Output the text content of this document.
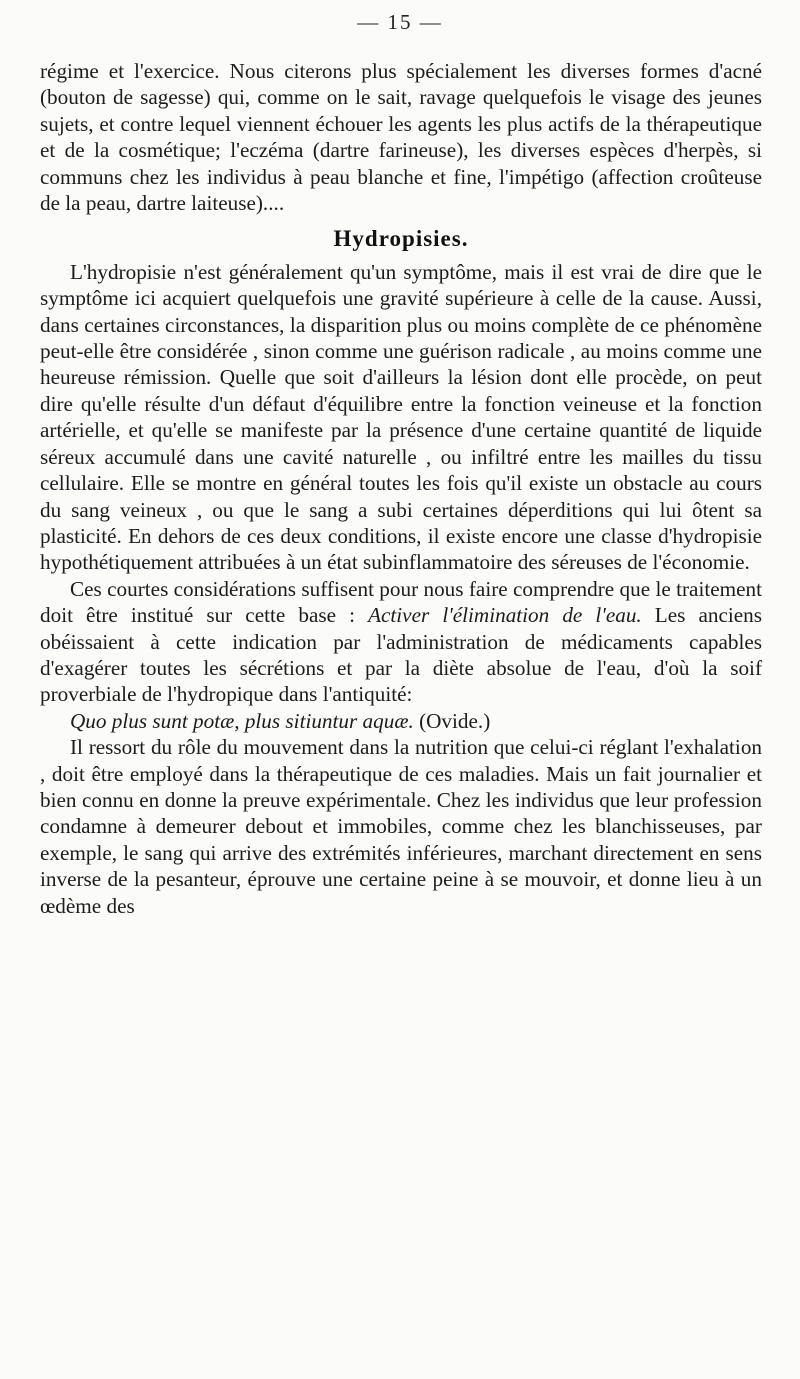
— 15 —

régime et l'exercice. Nous citerons plus spécialement les diverses formes d'acné (bouton de sagesse) qui, comme on le sait, ravage quelquefois le visage des jeunes sujets, et contre lequel viennent échouer les agents les plus actifs de la thérapeutique et de la cosmétique; l'eczéma (dartre farineuse), les diverses espèces d'herpès, si communs chez les individus à peau blanche et fine, l'impétigo (affection croûteuse de la peau, dartre laiteuse)....

Hydropisies.

L'hydropisie n'est généralement qu'un symptôme, mais il est vrai de dire que le symptôme ici acquiert quelquefois une gravité supérieure à celle de la cause. Aussi, dans certaines circonstances, la disparition plus ou moins complète de ce phénomène peut-elle être considérée , sinon comme une guérison radicale , au moins comme une heureuse rémission. Quelle que soit d'ailleurs la lésion dont elle procède, on peut dire qu'elle résulte d'un défaut d'équilibre entre la fonction veineuse et la fonction artérielle, et qu'elle se manifeste par la présence d'une certaine quantité de liquide séreux accumulé dans une cavité naturelle , ou infiltré entre les mailles du tissu cellulaire. Elle se montre en général toutes les fois qu'il existe un obstacle au cours du sang veineux , ou que le sang a subi certaines déperditions qui lui ôtent sa plasticité. En dehors de ces deux conditions, il existe encore une classe d'hydropisie hypothétiquement attribuées à un état subinflammatoire des séreuses de l'économie.

Ces courtes considérations suffisent pour nous faire comprendre que le traitement doit être institué sur cette base : Activer l'élimination de l'eau. Les anciens obéissaient à cette indication par l'administration de médicaments capables d'exagérer toutes les sécrétions et par la diète absolue de l'eau, d'où la soif proverbiale de l'hydropique dans l'antiquité:

Quo plus sunt potæ, plus sitiuntur aquæ. (Ovide.)

Il ressort du rôle du mouvement dans la nutrition que celui-ci réglant l'exhalation , doit être employé dans la thérapeutique de ces maladies. Mais un fait journalier et bien connu en donne la preuve expérimentale. Chez les individus que leur profession condamne à demeurer debout et immobiles, comme chez les blanchisseuses, par exemple, le sang qui arrive des extrémités inférieures, marchant directement en sens inverse de la pesanteur, éprouve une certaine peine à se mouvoir, et donne lieu à un œdème des
